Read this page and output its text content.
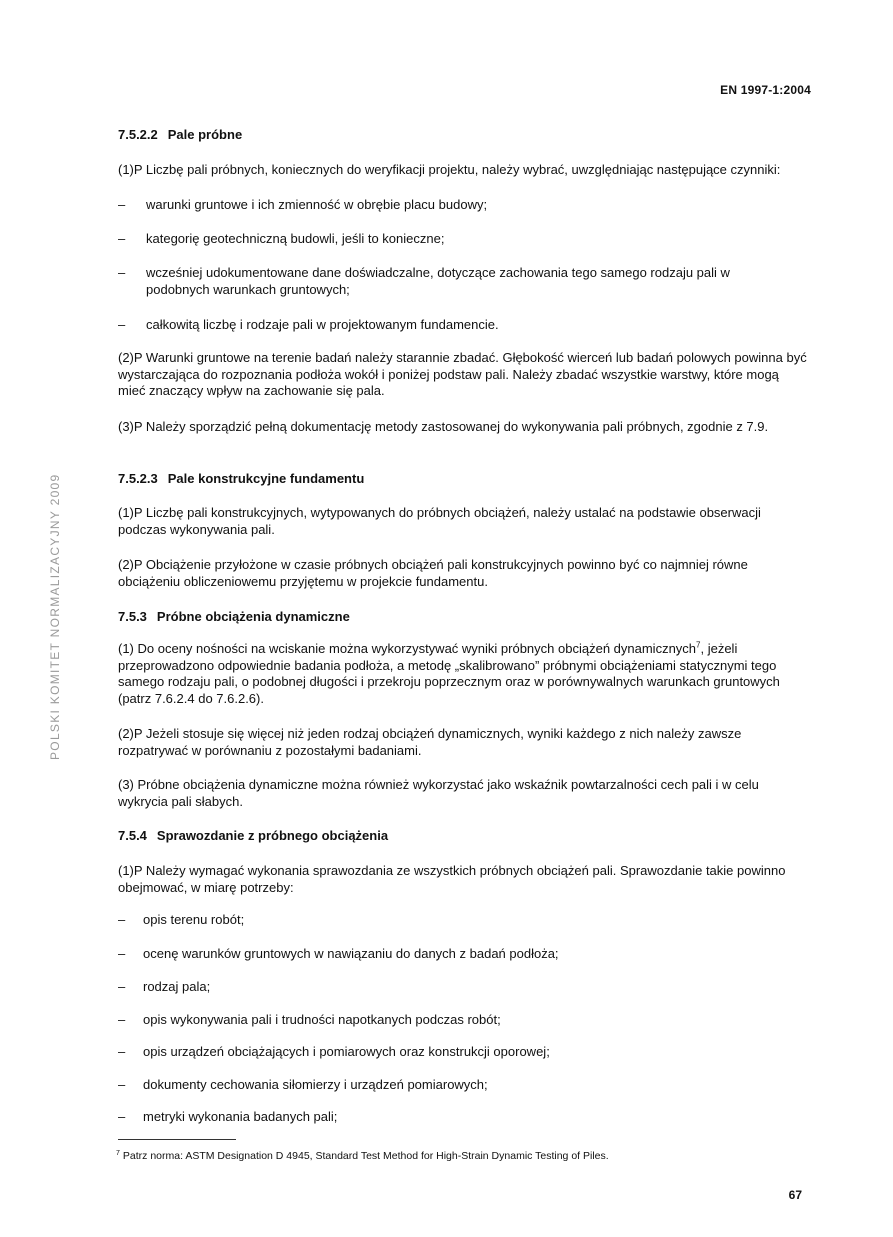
EN 1997-1:2004
POLSKI KOMITET NORMALIZACYJNY 2009
7.5.2.2 Pale próbne
(1)P Liczbę pali próbnych, koniecznych do weryfikacji projektu, należy wybrać, uwzględniając następujące czynniki:
– warunki gruntowe i ich zmienność w obrębie placu budowy;
– kategorię geotechniczną budowli, jeśli to konieczne;
– wcześniej udokumentowane dane doświadczalne, dotyczące zachowania tego samego rodzaju pali w podobnych warunkach gruntowych;
– całkowitą liczbę i rodzaje pali w projektowanym fundamencie.
(2)P Warunki gruntowe na terenie badań należy starannie zbadać. Głębokość wierceń lub badań polowych powinna być wystarczająca do rozpoznania podłoża wokół i poniżej podstaw pali. Należy zbadać wszystkie warstwy, które mogą mieć znaczący wpływ na zachowanie się pala.
(3)P Należy sporządzić pełną dokumentację metody zastosowanej do wykonywania pali próbnych, zgodnie z 7.9.
7.5.2.3 Pale konstrukcyjne fundamentu
(1)P Liczbę pali konstrukcyjnych, wytypowanych do próbnych obciążeń, należy ustalać na podstawie obserwacji podczas wykonywania pali.
(2)P Obciążenie przyłożone w czasie próbnych obciążeń pali konstrukcyjnych powinno być co najmniej równe obciążeniu obliczeniowemu przyjętemu w projekcie fundamentu.
7.5.3 Próbne obciążenia dynamiczne
(1) Do oceny nośności na wciskanie można wykorzystywać wyniki próbnych obciążeń dynamicznych$^7$, jeżeli przeprowadzono odpowiednie badania podłoża, a metodę „skalibrowano” próbnymi obciążeniami statycznymi tego samego rodzaju pali, o podobnej długości i przekroju poprzecznym oraz w porównywalnych warunkach gruntowych (patrz 7.6.2.4 do 7.6.2.6).
(2)P Jeżeli stosuje się więcej niż jeden rodzaj obciążeń dynamicznych, wyniki każdego z nich należy zawsze rozpatrywać w porównaniu z pozostałymi badaniami.
(3) Próbne obciążenia dynamiczne można również wykorzystać jako wskaźnik powtarzalności cech pali i w celu wykrycia pali słabych.
7.5.4 Sprawozdanie z próbnego obciążenia
(1)P Należy wymagać wykonania sprawozdania ze wszystkich próbnych obciążeń pali. Sprawozdanie takie powinno obejmować, w miarę potrzeby:
– opis terenu robót;
– ocenę warunków gruntowych w nawiązaniu do danych z badań podłoża;
– rodzaj pala;
– opis wykonywania pali i trudności napotkanych podczas robót;
– opis urządzeń obciążających i pomiarowych oraz konstrukcji oporowej;
– dokumenty cechowania siłomierzy i urządzeń pomiarowych;
– metryki wykonania badanych pali;
$^7$ Patrz norma: ASTM Designation D 4945, Standard Test Method for High-Strain Dynamic Testing of Piles.
67
